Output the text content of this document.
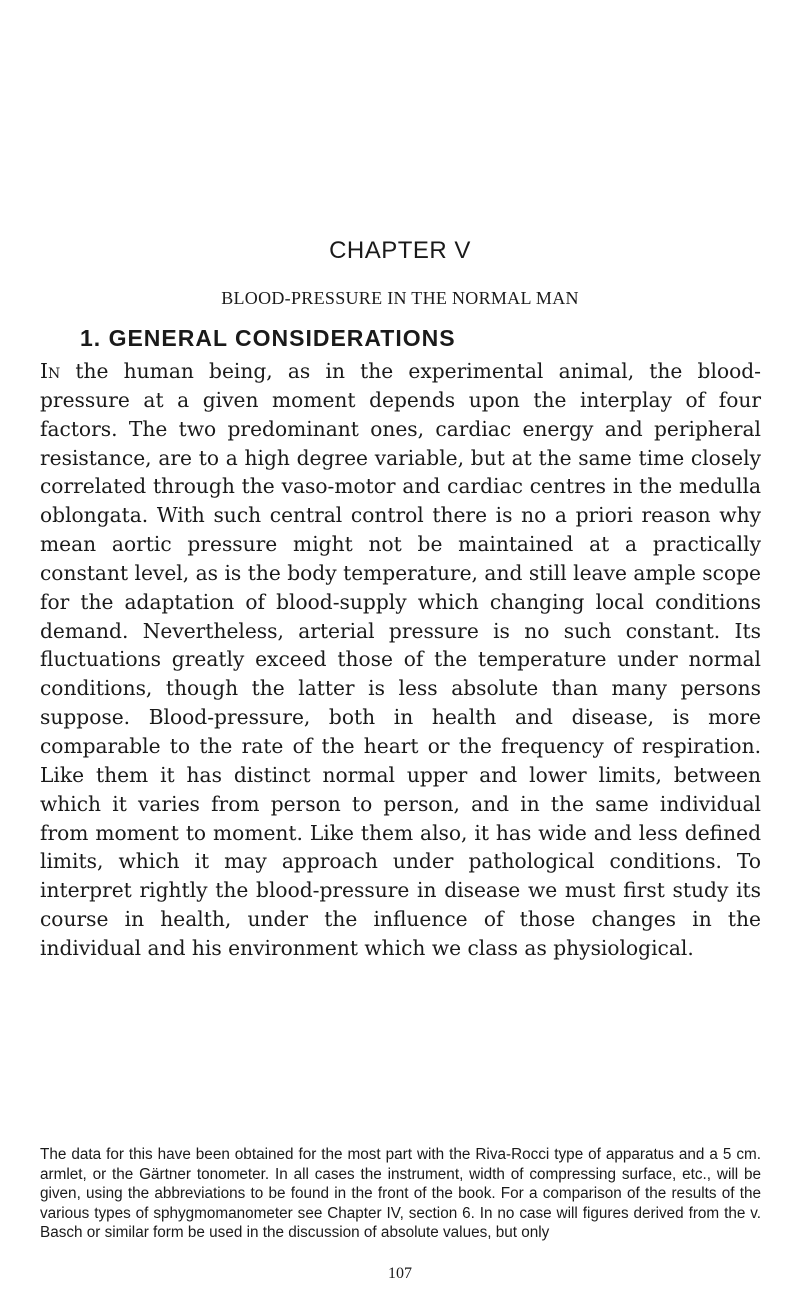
CHAPTER V
BLOOD-PRESSURE IN THE NORMAL MAN
1. GENERAL CONSIDERATIONS

In the human being, as in the experimental animal, the blood-pressure at a given moment depends upon the interplay of four factors. The two predominant ones, cardiac energy and peripheral resistance, are to a high degree variable, but at the same time closely correlated through the vaso-motor and cardiac centres in the medulla oblongata. With such central control there is no a priori reason why mean aortic pressure might not be maintained at a practically constant level, as is the body temperature, and still leave ample scope for the adaptation of blood-supply which changing local conditions demand. Nevertheless, arterial pressure is no such constant. Its fluctuations greatly exceed those of the temperature under normal conditions, though the latter is less absolute than many persons suppose. Blood-pressure, both in health and disease, is more comparable to the rate of the heart or the frequency of respiration. Like them it has distinct normal upper and lower limits, between which it varies from person to person, and in the same individual from moment to moment. Like them also, it has wide and less defined limits, which it may approach under pathological conditions. To interpret rightly the blood-pressure in disease we must first study its course in health, under the influence of those changes in the individual and his environment which we class as physiological.

The data for this have been obtained for the most part with the Riva-Rocci type of apparatus and a 5 cm. armlet, or the Gärtner tonometer. In all cases the instrument, width of compressing surface, etc., will be given, using the abbreviations to be found in the front of the book. For a comparison of the results of the various types of sphygmomanometer see Chapter IV, section 6. In no case will figures derived from the v. Basch or similar form be used in the discussion of absolute values, but only

107
